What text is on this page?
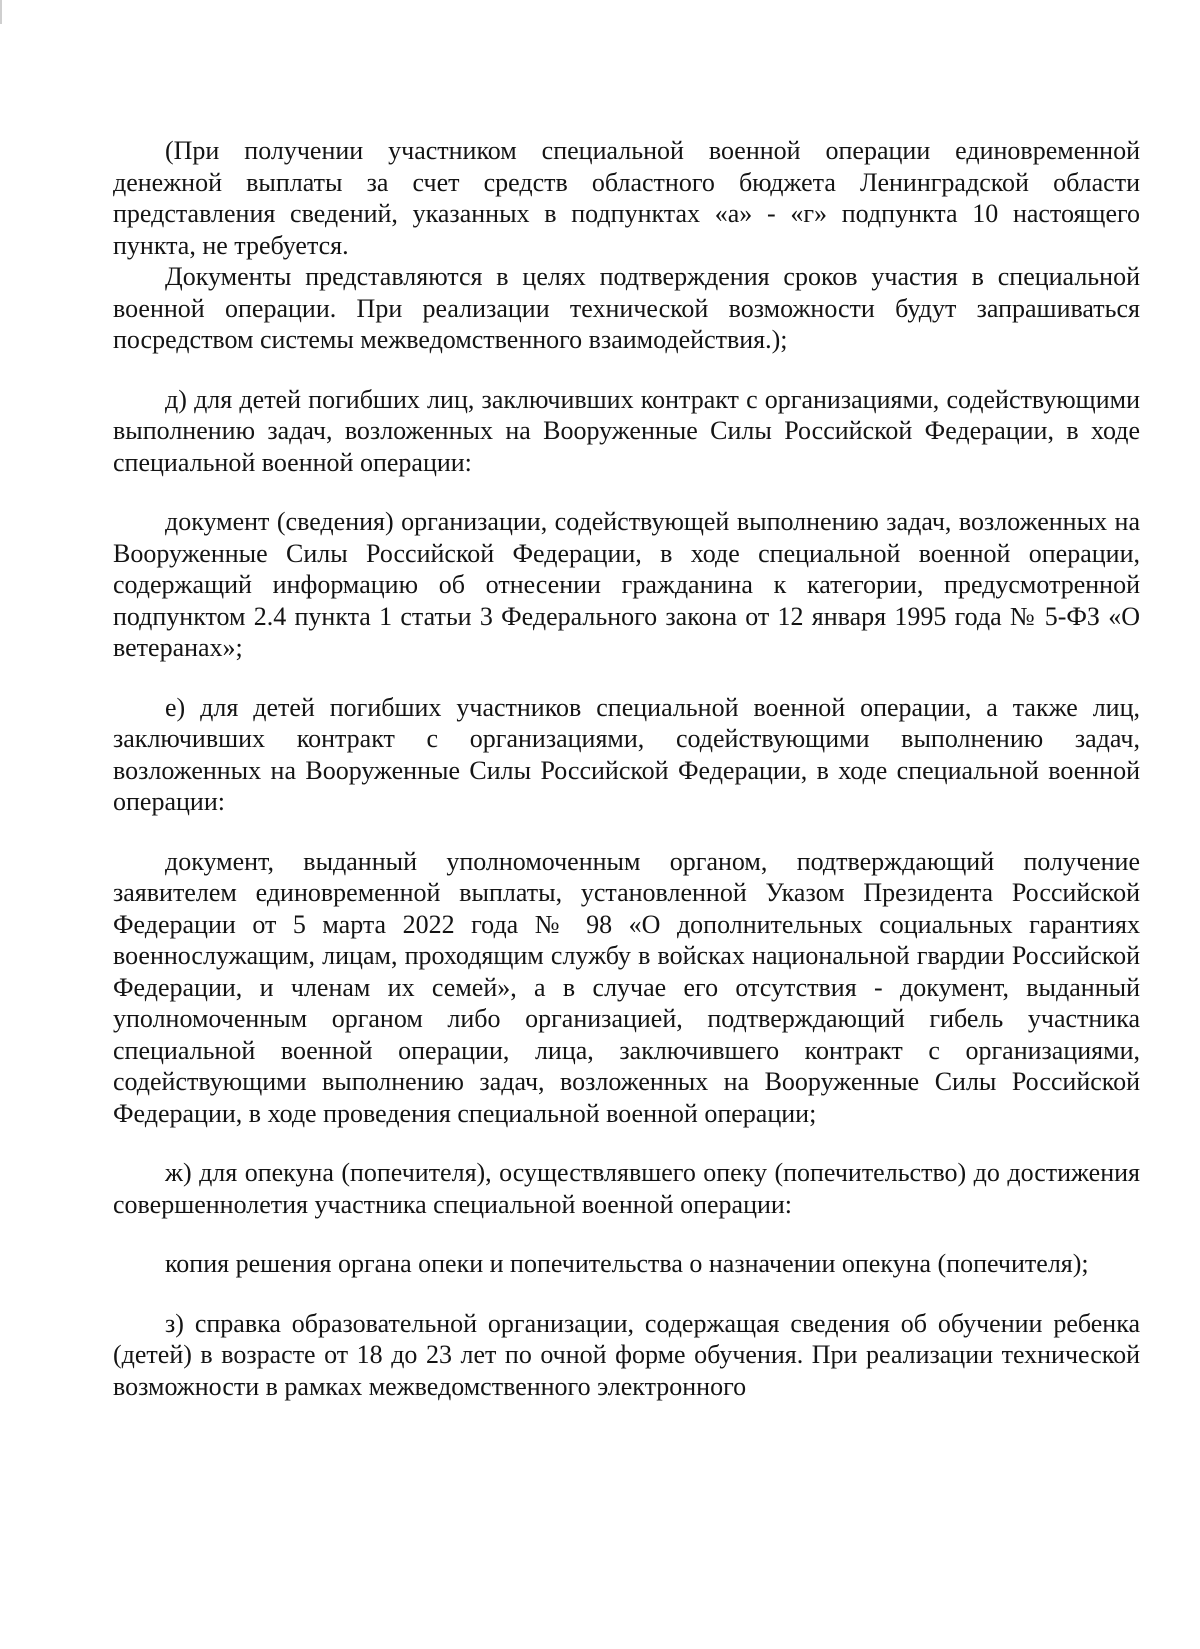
(При получении участником специальной военной операции единовременной денежной выплаты за счет средств областного бюджета Ленинградской области представления сведений, указанных в подпунктах «а» - «г» подпункта 10 настоящего пункта, не требуется.

Документы представляются в целях подтверждения сроков участия в специальной военной операции. При реализации технической возможности будут запрашиваться посредством системы межведомственного взаимодействия.);

д) для детей погибших лиц, заключивших контракт с организациями, содействующими выполнению задач, возложенных на Вооруженные Силы Российской Федерации, в ходе специальной военной операции:

документ (сведения) организации, содействующей выполнению задач, возложенных на Вооруженные Силы Российской Федерации, в ходе специальной военной операции, содержащий информацию об отнесении гражданина к категории, предусмотренной подпунктом 2.4 пункта 1 статьи 3 Федерального закона от 12 января 1995 года № 5-ФЗ «О ветеранах»;

е) для детей погибших участников специальной военной операции, а также лиц, заключивших контракт с организациями, содействующими выполнению задач, возложенных на Вооруженные Силы Российской Федерации, в ходе специальной военной операции:

документ, выданный уполномоченным органом, подтверждающий получение заявителем единовременной выплаты, установленной Указом Президента Российской Федерации от 5 марта 2022 года № 98 «О дополнительных социальных гарантиях военнослужащим, лицам, проходящим службу в войсках национальной гвардии Российской Федерации, и членам их семей», а в случае его отсутствия - документ, выданный уполномоченным органом либо организацией, подтверждающий гибель участника специальной военной операции, лица, заключившего контракт с организациями, содействующими выполнению задач, возложенных на Вооруженные Силы Российской Федерации, в ходе проведения специальной военной операции;

ж) для опекуна (попечителя), осуществлявшего опеку (попечительство) до достижения совершеннолетия участника специальной военной операции:

копия решения органа опеки и попечительства о назначении опекуна (попечителя);

з) справка образовательной организации, содержащая сведения об обучении ребенка (детей) в возрасте от 18 до 23 лет по очной форме обучения. При реализации технической возможности в рамках межведомственного электронного
